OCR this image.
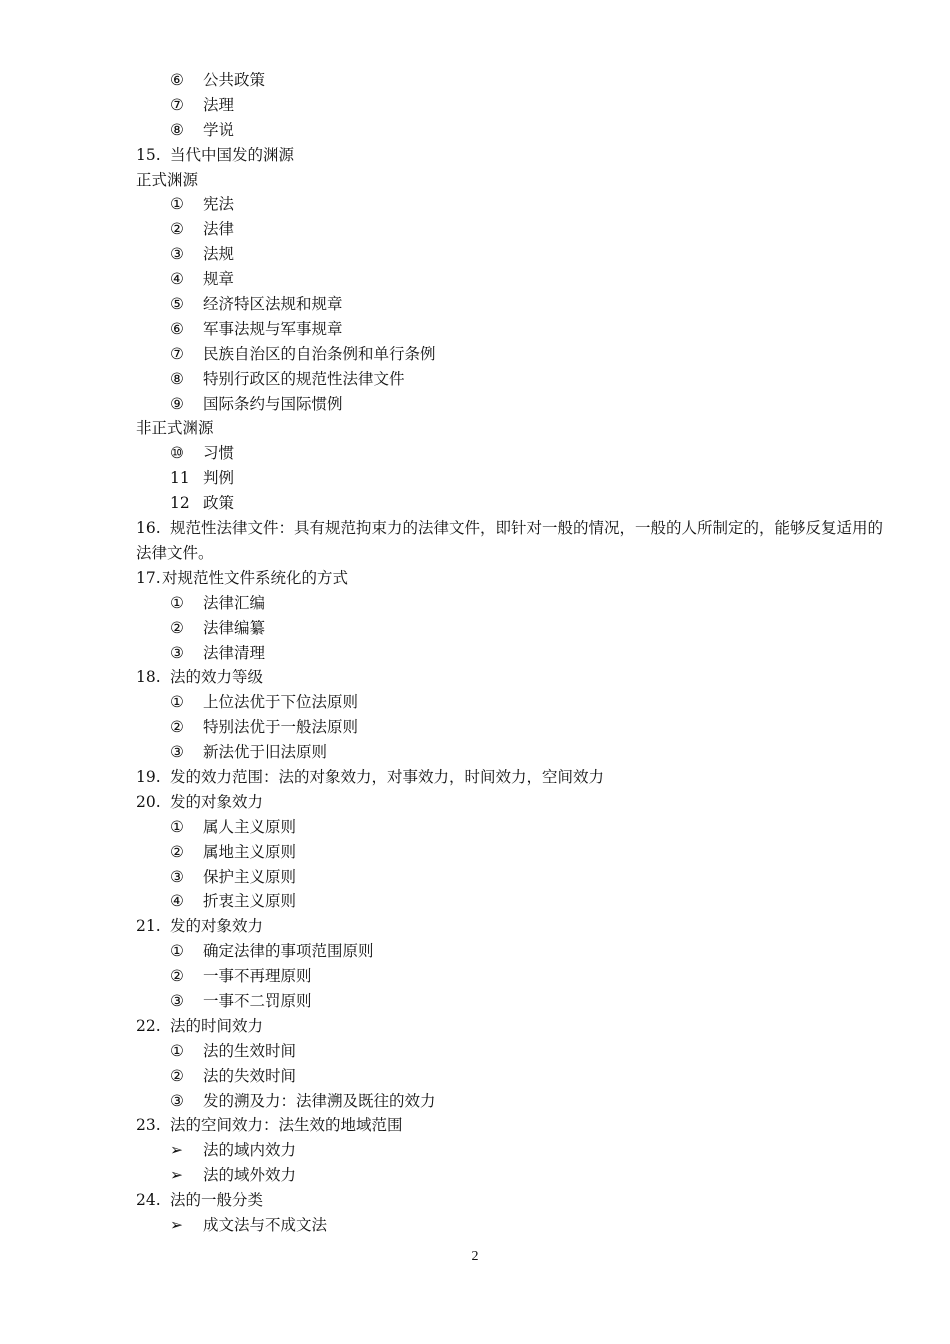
⑥ 公共政策
⑦ 法理
⑧ 学说
15. 当代中国发的渊源
正式渊源
① 宪法
② 法律
③ 法规
④ 规章
⑤ 经济特区法规和规章
⑥ 军事法规与军事规章
⑦ 民族自治区的自治条例和单行条例
⑧ 特别行政区的规范性法律文件
⑨ 国际条约与国际惯例
非正式渊源
⑩ 习惯
11 判例
12 政策
16. 规范性法律文件：具有规范拘束力的法律文件，即针对一般的情况，一般的人所制定的，能够反复适用的法律文件。
17.对规范性文件系统化的方式
① 法律汇编
② 法律编纂
③ 法律清理
18. 法的效力等级
① 上位法优于下位法原则
② 特别法优于一般法原则
③ 新法优于旧法原则
19. 发的效力范围：法的对象效力，对事效力，时间效力，空间效力
20. 发的对象效力
① 属人主义原则
② 属地主义原则
③ 保护主义原则
④ 折衷主义原则
21. 发的对象效力
① 确定法律的事项范围原则
② 一事不再理原则
③ 一事不二罚原则
22. 法的时间效力
① 法的生效时间
② 法的失效时间
③ 发的溯及力：法律溯及既往的效力
23. 法的空间效力：法生效的地域范围
➢ 法的域内效力
➢ 法的域外效力
24. 法的一般分类
➢ 成文法与不成文法
2
